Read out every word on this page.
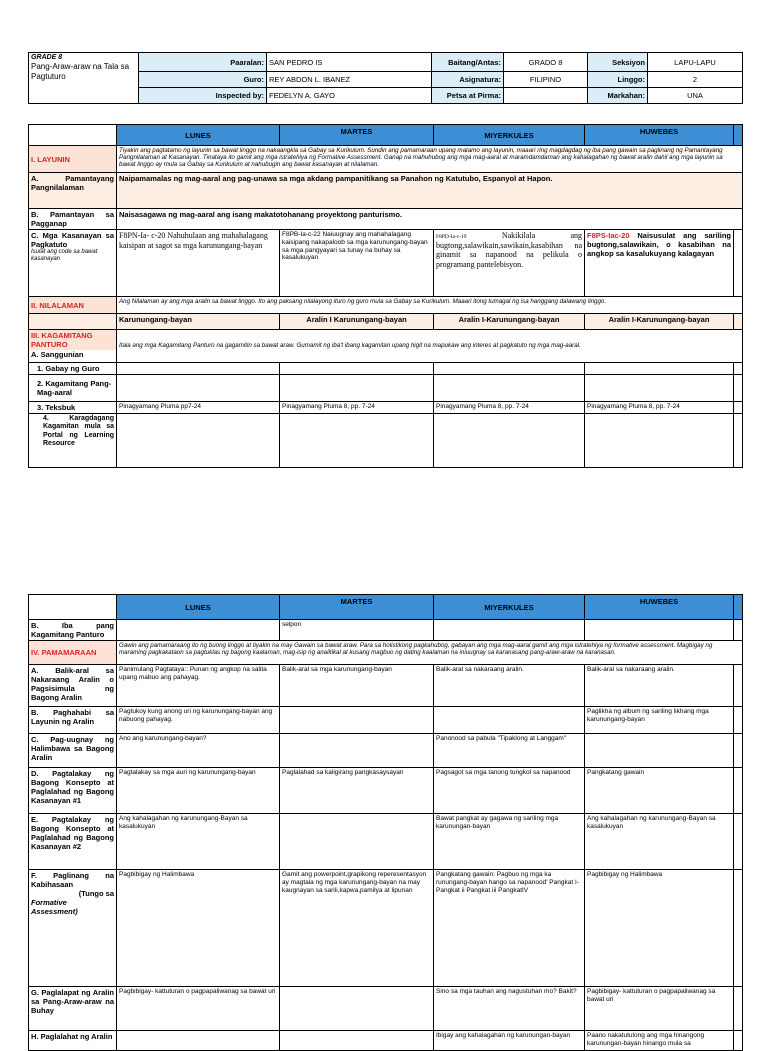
GRADE 8
Pang-Araw-araw na Tala sa Pagtuturo	Paaralan:	SAN PEDRO IS	Baitang/Antas:	GRADO 8	Seksiyon	LAPU-LAPU
	Guro:	REY ABDON L. IBANEZ	Asignatura:	FILIPINO	Linggo:	2
	Inspected by:	FEDELYN A. GAYO	Petsa at Pirma:		Markahan:	UNA
	LUNES	MARTES	MIYERKULES	HUWEBES	
I. LAYUNIN	Tiyakin ang pagtatamo ng layunin sa bawat linggo na nakaangkla sa Gabay sa Kurikulum. Sundin ang pamamaraan upang matamo ang layunin, maaari ring magdagdag ng iba pang gawain sa paglinang ng Pamantayang Pangnilalaman at Kasanayan. Tinataya ito gamit ang mga istratehiya ng Formative Assessment. Ganap na mahuhubog ang mga mag-aaral at maramdamdaman ang kahalagahan ng bawat aralin dahil ang mga layunin sa bawat linggo ay mula sa Gabay sa Kurikulum at nahubugin ang bawat kasanayan at nilalaman.				
A. Pamantayang Pangnilalaman	Naipamamalas ng mag-aaral ang pag-unawa sa mga akdang pampanitikang sa Panahon ng Katutubo, Espanyol at Hapon.				
B. Pamantayan sa Pagganap	Naisasagawa ng mag-aaral ang isang makatotohanang proyektong panturismo.				

C. Mga Kasanayan sa Pagkatuto
Isulat ang code sa bawat kasanayan	F8PN-Ia- c-20 Nahuhulaan ang mahahalagang kaisipan at sagot sa mga karunungang-bayan	F8PB-Ia-c-22 Naiuugnay ang mahahalagang kaisipang nakapaloob sa mga karunungang-bayan sa mga pangyayari sa tunay na buhay sa kasalukuyan	F8PD-Ia-c-19 Nakikilala ang bugtong,salawikain,sawikain,kasabihan na ginamit sa napanood na pelikula o programang pantelebisyon.	F8PS-Iac-20 Naisusulat ang sariling bugtong,salawikain, o kasabihan na angkop sa kasalukuyang kalagayan	
II. NILALAMAN	Ang Nilalaman ay ang mga aralin sa bawat linggo. Ito ang paksang nilalayong ituro ng guro mula sa Gabay sa Kurikulum. Maaari itong tumagal ng isa hanggang dalawang linggo.				
	Karunungang-bayan	Aralin I Karunungang-bayan	Aralin I-Karunungang-bayan	Aralin I-Karunungang-bayan	

III. KAGAMITANG PANTURO
A. Sanggunian	Itala ang mga Kagamitang Panturo na gagamitin sa bawat araw. Gumamit ng iba't ibang kagamitan upang higit na mapukaw ang interes at pagkatuto ng mga mag-aaral.				
1. Gabay ng Guro					
2. Kagamitang Pang-Mag-aaral					
3. Teksbuk	Pinagyamang Pluma pp7-24	Pinagyamang Pluma 8, pp. 7-24	Pinagyamang Pluma 8, pp. 7-24	Pinagyamang Pluma 8, pp. 7-24	
4. Karagdagang Kagamitan mula sa Portal ng Learning Resource					
	LUNES	MARTES	MIYERKULES	HUWEBES	
B. Iba pang Kagamitang Panturo		selpon			
IV. PAMAMARAAN	Gawin ang pamamaraang ito ng buong linggo at tiyakin na may Gawain sa bawat araw. Para sa holistikong pagkahubog, gabayan ang mga mag-aaral gamit ang mga istratehiya ng formative assessment. Magbigay ng maraming pagkakataon sa pagtuklas ng bagong kaalaman, mag-isip ng analitikal at kusang magbuo ng dating kaalaman na iniuugnay sa karanasang pang-araw-araw na karanasan.				
A. Balik-aral sa Nakaraang Aralin o Pagsisimula ng Bagong Aralin	Panimulang Pagtataya:: Punan ng angkop na salita upang mabuo ang pahayag.	Balik-aral sa mga karunungang-bayan	Balik-aral sa nakaraang aralin.	Balik-aral sa nakaraang aralin.	
B. Paghahabi sa Layunin ng Aralin	Pagtukoy kung anong uri ng karunungang-bayan ang nabuong pahayag.			Paglikha ng album ng sariling likhang mga karunungang-bayan	
C. Pag-uugnay ng Halimbawa sa Bagong Aralin	Ano ang karunungang-bayan?		Panonood sa pabula "Tipaklong at Langgam"		
D. Pagtalakay ng Bagong Konsepto at Paglalahad ng Bagong Kasanayan #1	Pagtalakay sa mga auri ng karunungang-bayan	Paglalahad sa kaligirang pangkasaysayan	Pagsagot sa mga tanong tungkol sa napanood	Pangkatang gawain	
E. Pagtalakay ng Bagong Konsepto at Paglalahad ng Bagong Kasanayan #2	Ang kahalagahan ng karunungang-Bayan sa kasalukuyan		Bawat pangkat ay gagawa ng sariling mga karunungan-bayan	Ang kahalagahan ng karunungang-Bayan sa kasalukuyan	

F. Paglinang na Kabihasaan
(Tungo sa
Formative Assessment)	Pagbibigay ng Halimbawa	Gamit ang powerpoint,grapikong reperesentasyon ay magtala ng mga karunungang-bayan na may kaugnayan sa sarili,kapwa,pamilya at lipunan	Pangkatang gawain: Pagbuo ng mga ka runungang-bayan hango sa napanood' Pangkat I- Pangkat ii Pangkat iii PangkatIV	Pagbibigay ng Halimbawa	
G. Paglalapat ng Aralin sa Pang-Araw-araw na Buhay	Pagbibigay- kattuturan o pagpapaliwanag sa bawat uri		Sino sa mga tauhan ang nagustuhan mo? Bakit?	Pagbibigay- kattuturan o pagpapaliwanag sa bawat uri	
H. Paglalahat ng Aralin			Ibigay ang kahalagahan ng karunungan-bayan	Paano nakatutulong ang mga hinangong karunungan-bayan hinango mula sa	
